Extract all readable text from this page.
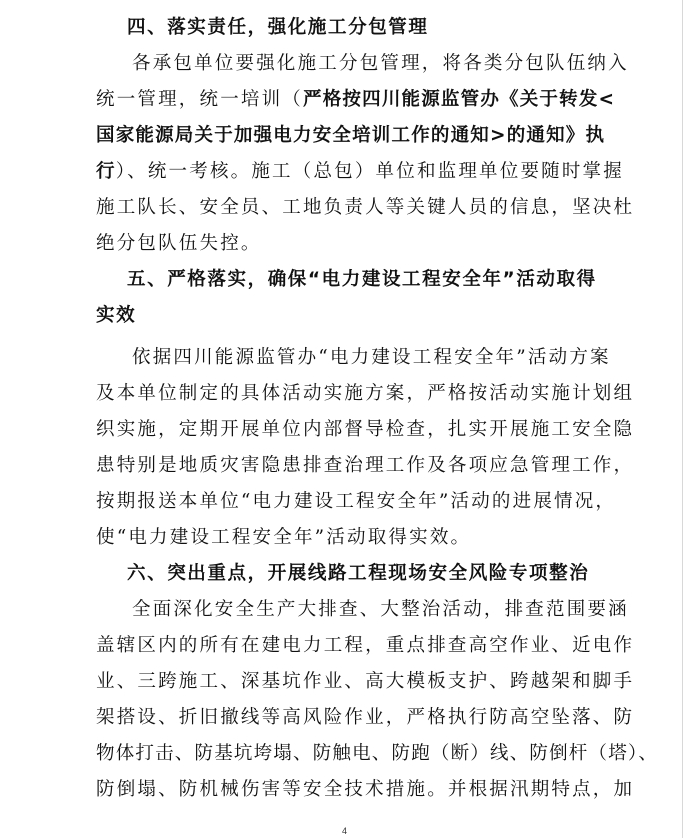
四、落实责任，强化施工分包管理
各承包单位要强化施工分包管理，将各类分包队伍纳入
统一管理，统一培训（严格按四川能源监管办《关于转发<
国家能源局关于加强电力安全培训工作的通知>的通知》执
行）、统一考核。施工（总包）单位和监理单位要随时掌握
施工队长、安全员、工地负责人等关键人员的信息，坚决杜
绝分包队伍失控。
五、严格落实，确保“电力建设工程安全年”活动取得
实效
依据四川能源监管办“电力建设工程安全年”活动方案
及本单位制定的具体活动实施方案，严格按活动实施计划组
织实施，定期开展单位内部督导检查，扎实开展施工安全隐
患特别是地质灾害隐患排查治理工作及各项应急管理工作，
按期报送本单位“电力建设工程安全年”活动的进展情况，
使“电力建设工程安全年”活动取得实效。
六、突出重点，开展线路工程现场安全风险专项整治
全面深化安全生产大排查、大整治活动，排查范围要涵
盖辖区内的所有在建电力工程，重点排查高空作业、近电作
业、三跨施工、深基坑作业、高大模板支护、跨越架和脚手
架搭设、折旧撤线等高风险作业，严格执行防高空坠落、防
物体打击、防基坑垮塌、防触电、防跑（断）线、防倒杆（塔）、
防倒塌、防机械伤害等安全技术措施。并根据汛期特点，加
4
